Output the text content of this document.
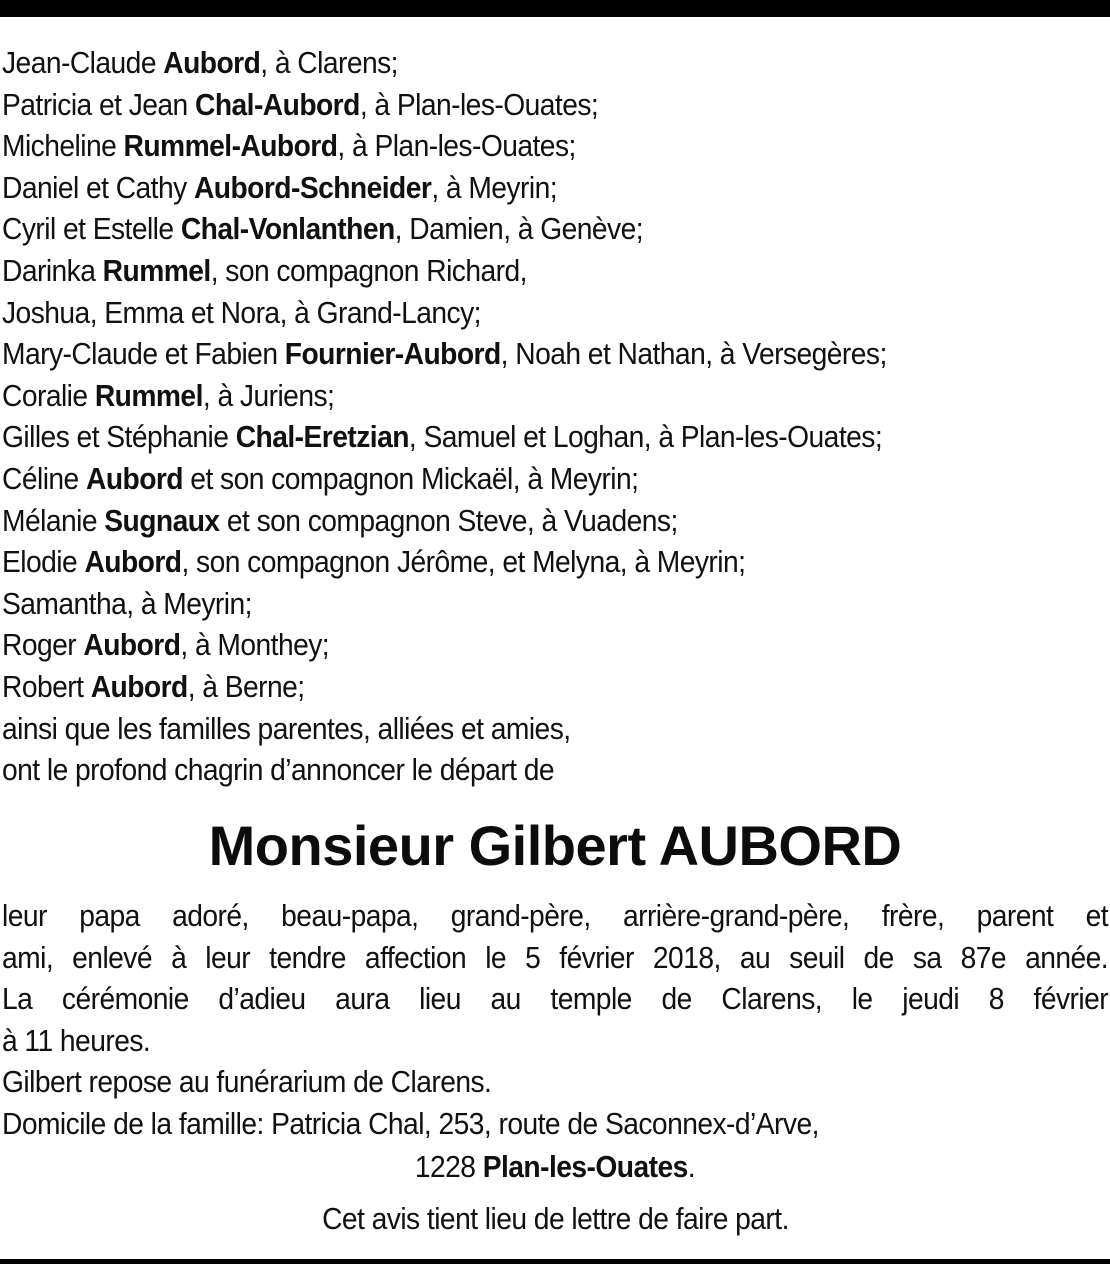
Jean-Claude Aubord, à Clarens;
Patricia et Jean Chal-Aubord, à Plan-les-Ouates;
Micheline Rummel-Aubord, à Plan-les-Ouates;
Daniel et Cathy Aubord-Schneider, à Meyrin;
Cyril et Estelle Chal-Vonlanthen, Damien, à Genève;
Darinka Rummel, son compagnon Richard,
Joshua, Emma et Nora, à Grand-Lancy;
Mary-Claude et Fabien Fournier-Aubord, Noah et Nathan, à Versegères;
Coralie Rummel, à Juriens;
Gilles et Stéphanie Chal-Eretzian, Samuel et Loghan, à Plan-les-Ouates;
Céline Aubord et son compagnon Mickaël, à Meyrin;
Mélanie Sugnaux et son compagnon Steve, à Vuadens;
Elodie Aubord, son compagnon Jérôme, et Melyna, à Meyrin;
Samantha, à Meyrin;
Roger Aubord, à Monthey;
Robert Aubord, à Berne;
ainsi que les familles parentes, alliées et amies,
ont le profond chagrin d’annoncer le départ de
Monsieur Gilbert AUBORD
leur papa adoré, beau-papa, grand-père, arrière-grand-père, frère, parent et
ami, enlevé à leur tendre affection le 5 février 2018, au seuil de sa 87e année.
La cérémonie d’adieu aura lieu au temple de Clarens, le jeudi 8 février
à 11 heures.
Gilbert repose au funérarium de Clarens.
Domicile de la famille: Patricia Chal, 253, route de Saconnex-d’Arve,
1228 Plan-les-Ouates.
Cet avis tient lieu de lettre de faire part.
